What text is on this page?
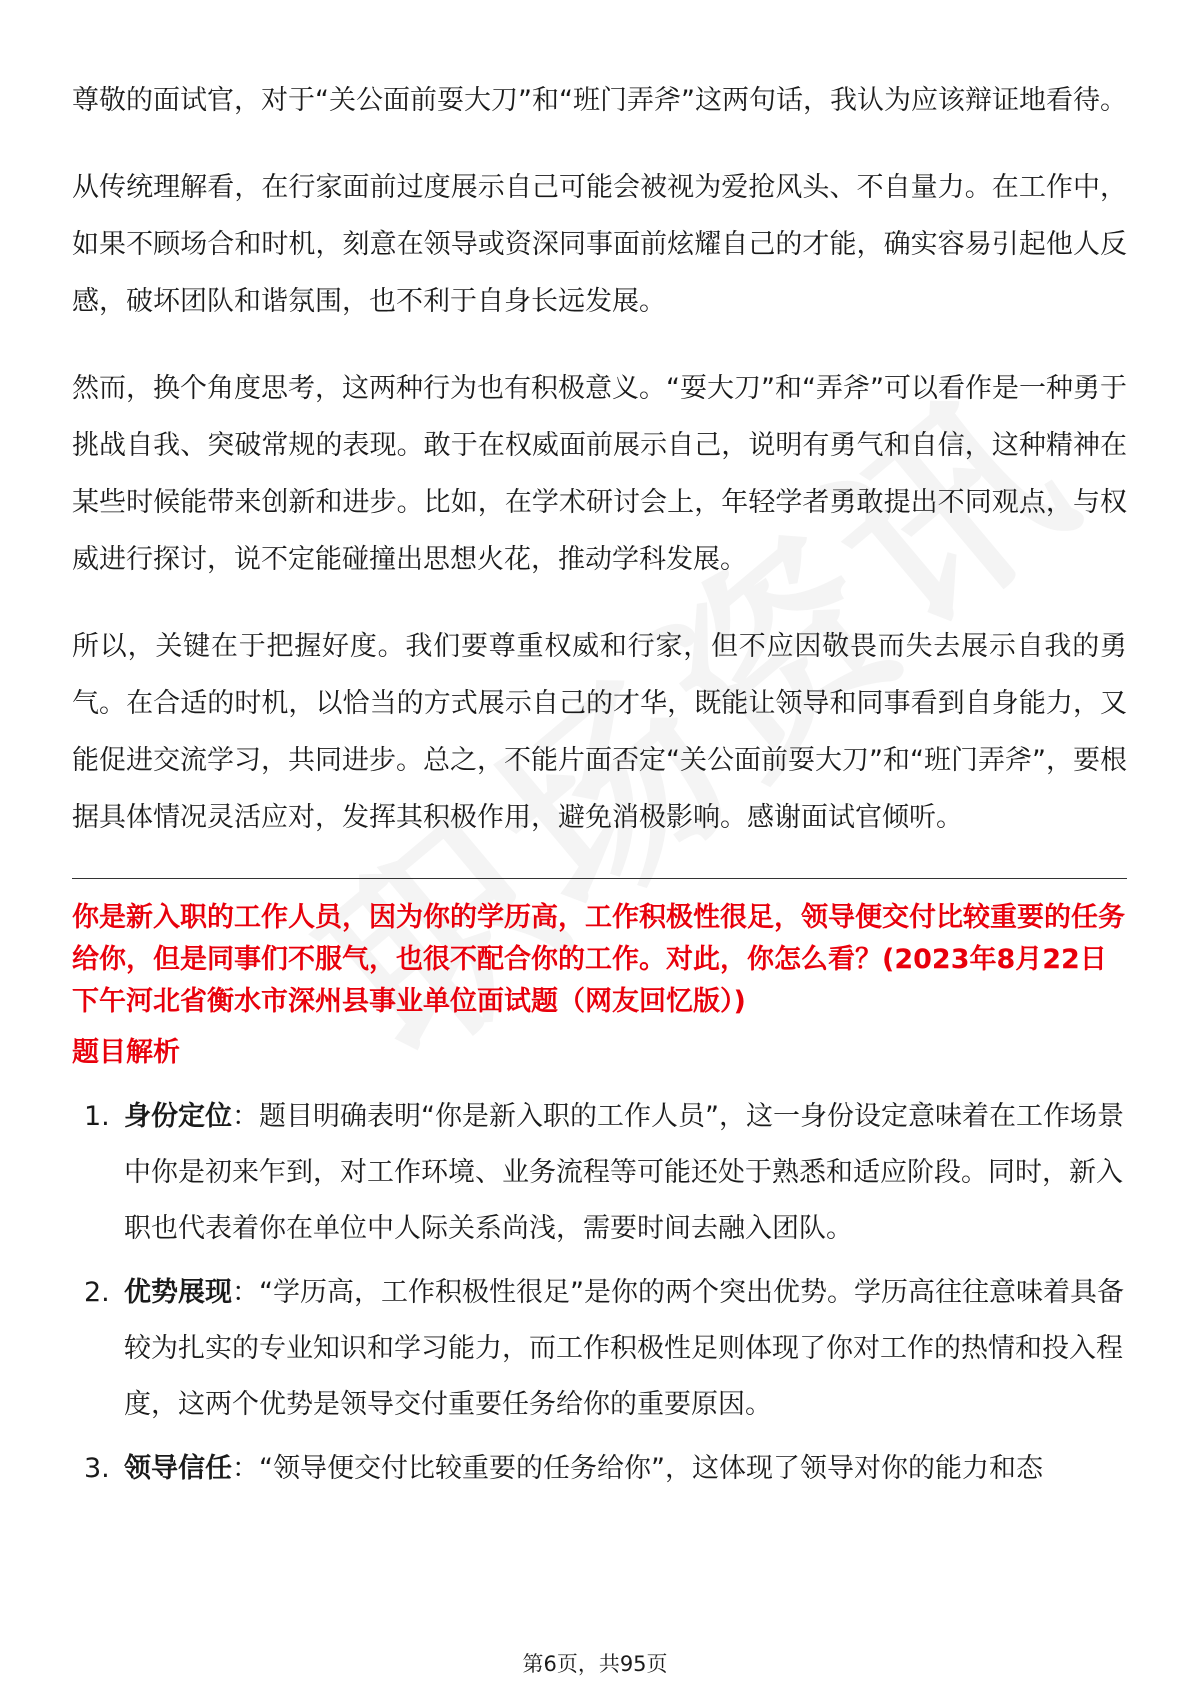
尊敬的面试官，对于“关公面前耍大刀”和“班门弄斧”这两句话，我认为应该辩证地看待。

从传统理解看，在行家面前过度展示自己可能会被视为爱抢风头、不自量力。在工作中，如果不顾场合和时机，刻意在领导或资深同事面前炫耀自己的才能，确实容易引起他人反感，破坏团队和谐氛围，也不利于自身长远发展。

然而，换个角度思考，这两种行为也有积极意义。“耍大刀”和“弄斧”可以看作是一种勇于挑战自我、突破常规的表现。敢于在权威面前展示自己，说明有勇气和自信，这种精神在某些时候能带来创新和进步。比如，在学术研讨会上，年轻学者勇敢提出不同观点，与权威进行探讨，说不定能碰撞出思想火花，推动学科发展。

所以，关键在于把握好度。我们要尊重权威和行家，但不应因敬畏而失去展示自我的勇气。在合适的时机，以恰当的方式展示自己的才华，既能让领导和同事看到自身能力，又能促进交流学习，共同进步。总之，不能片面否定“关公面前耍大刀”和“班门弄斧”，要根据具体情况灵活应对，发挥其积极作用，避免消极影响。感谢面试官倾听。

你是新入职的工作人员，因为你的学历高，工作积极性很足，领导便交付比较重要的任务给你，但是同事们不服气，也很不配合你的工作。对此，你怎么看？(2023年8月22日下午河北省衡水市深州县事业单位面试题（网友回忆版）)

题目解析

1. 身份定位：题目明确表明“你是新入职的工作人员”，这一身份设定意味着在工作场景中你是初来乍到，对工作环境、业务流程等可能还处于熟悉和适应阶段。同时，新入职也代表着你在单位中人际关系尚浅，需要时间去融入团队。
2. 优势展现：“学历高，工作积极性很足”是你的两个突出优势。学历高往往意味着具备较为扎实的专业知识和学习能力，而工作积极性足则体现了你对工作的热情和投入程度，这两个优势是领导交付重要任务给你的重要原因。
3. 领导信任：“领导便交付比较重要的任务给你”，这体现了领导对你的能力和态
第6页，共95页
